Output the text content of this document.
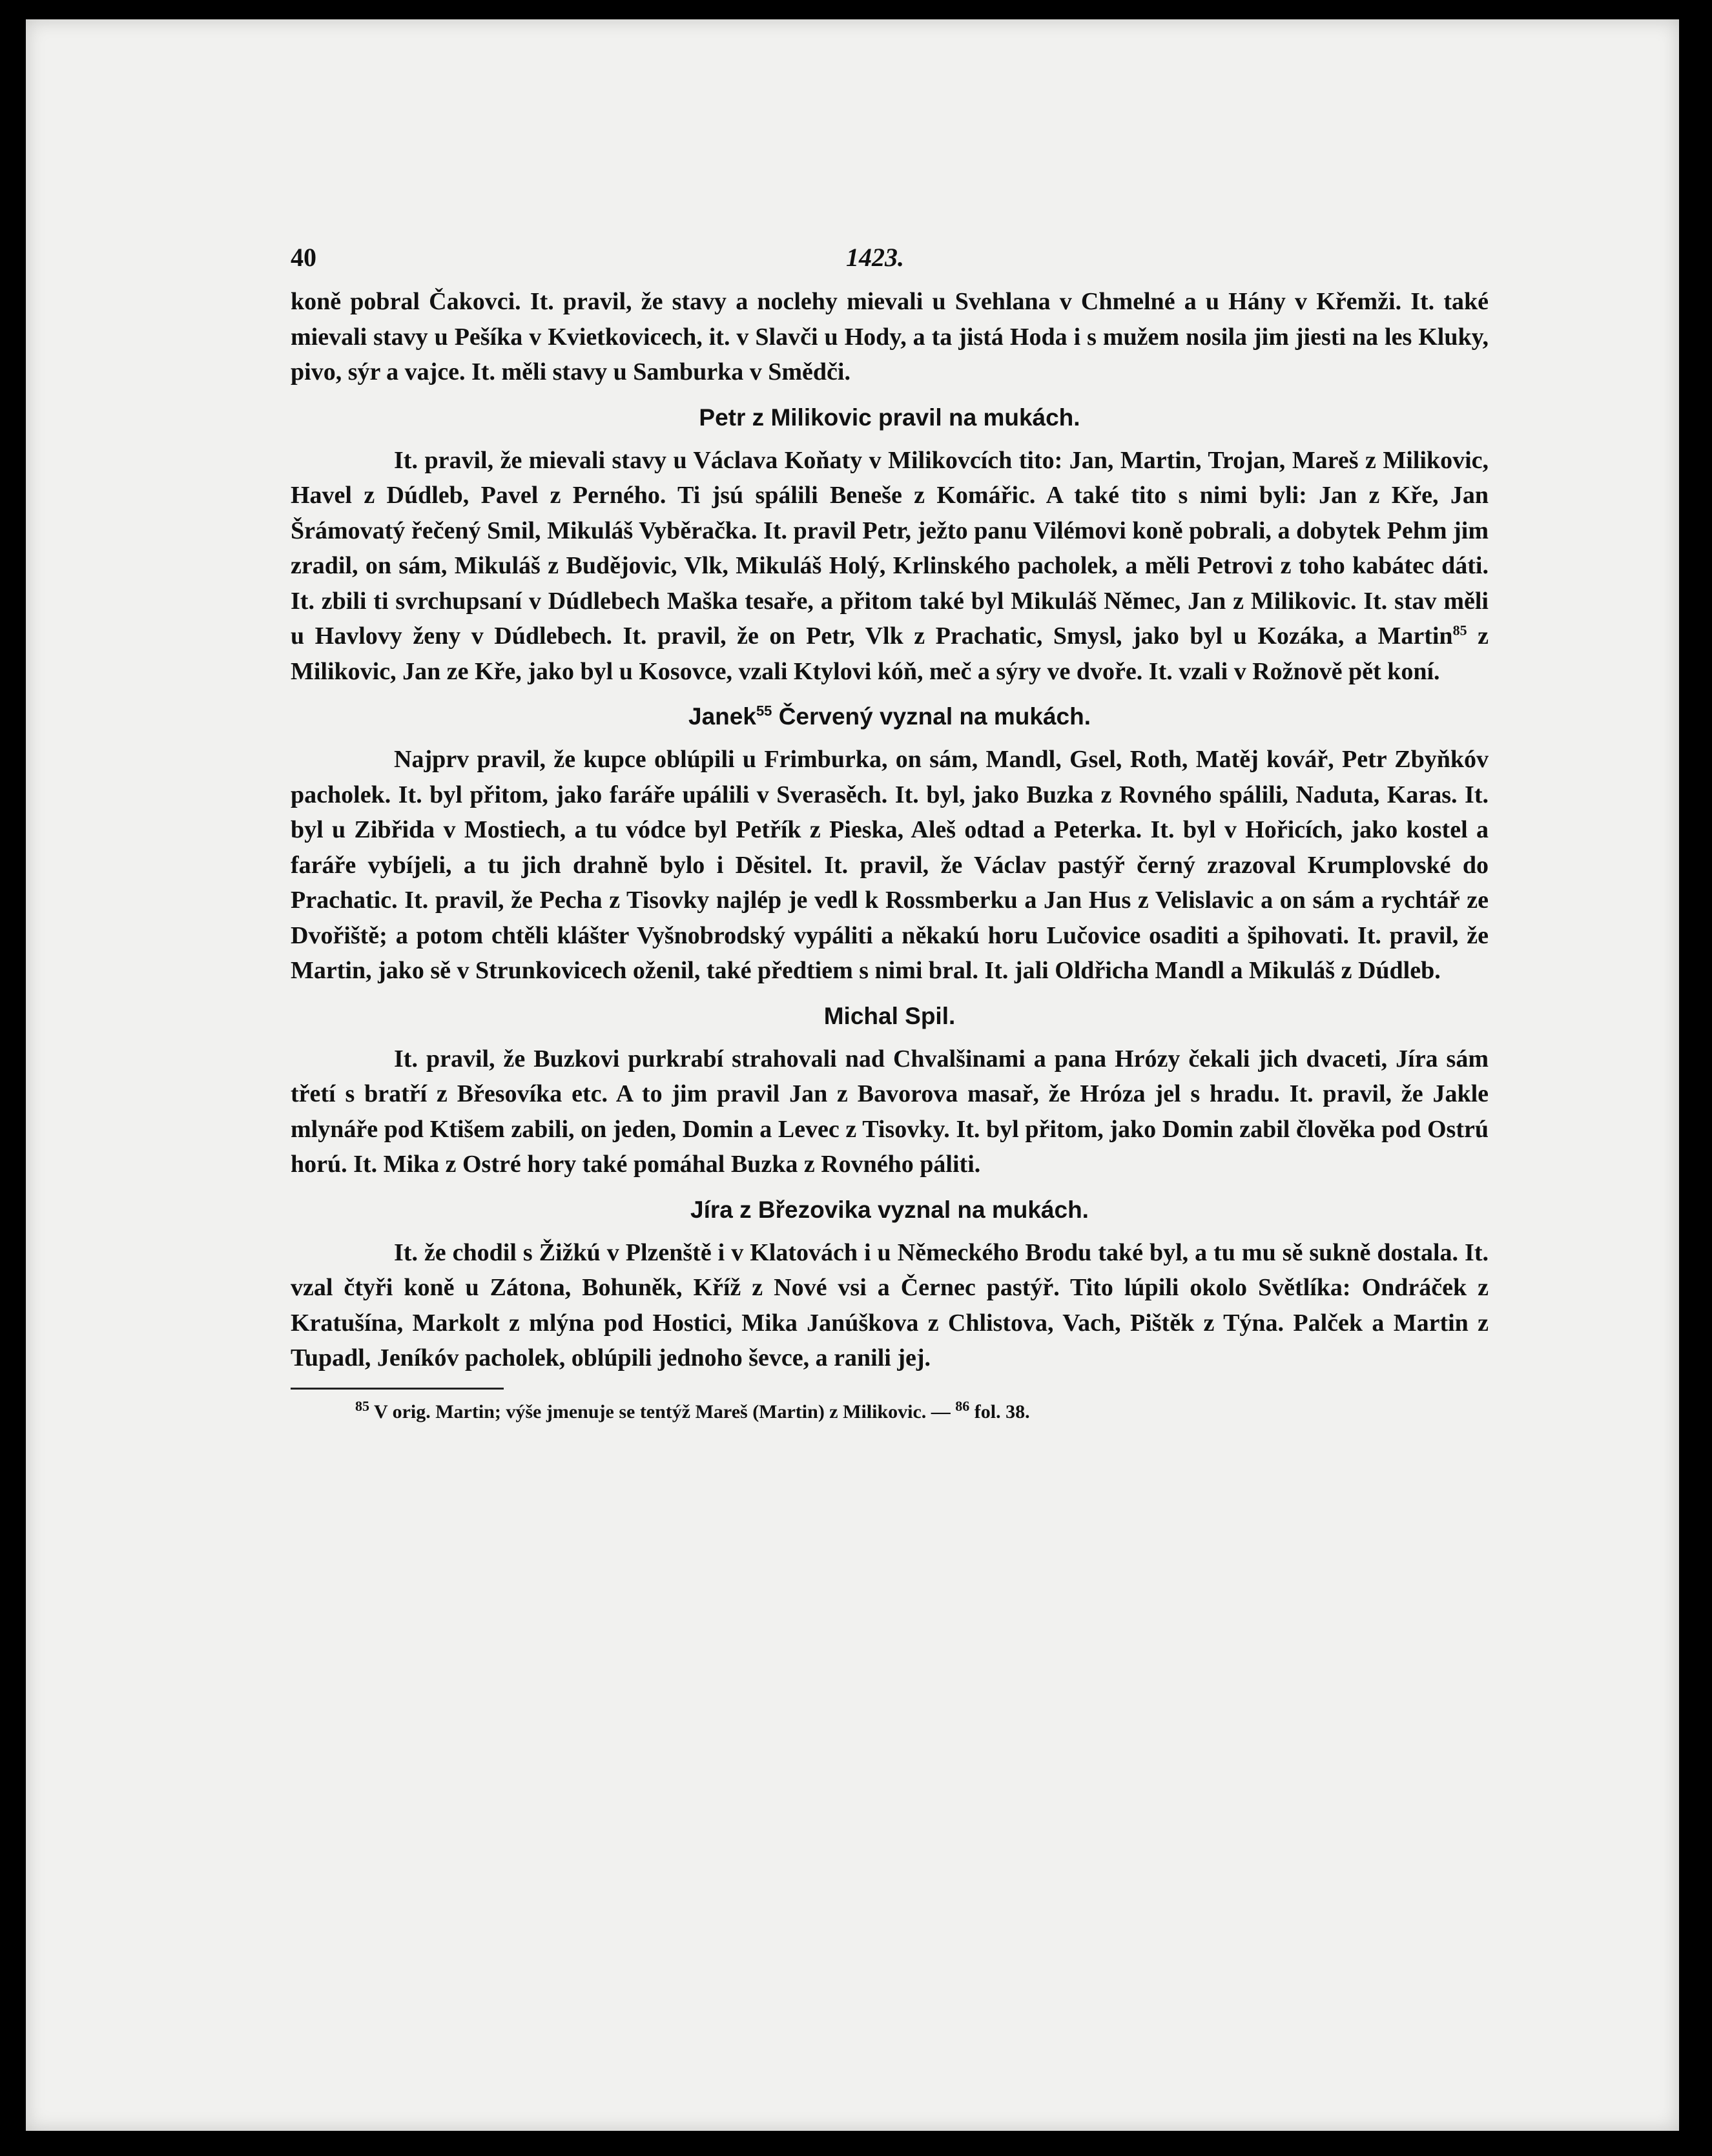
40	1423.

koně pobral Čakovci. It. pravil, že stavy a noclehy mievali u Svehlana v Chmelné a u Hány v Křemži. It. také mievali stavy u Pešíka v Kvietkovicech, it. v Slavči u Hody, a ta jistá Hoda i s mužem nosila jim jiesti na les Kluky, pivo, sýr a vajce. It. měli stavy u Samburka v Smědči.

Petr z Milikovic pravil na mukách.

It. pravil, že mievali stavy u Václava Koňaty v Milikovcích tito: Jan, Martin, Trojan, Mareš z Milikovic, Havel z Dúdleb, Pavel z Perného. Ti jsú spálili Beneše z Komářic. A také tito s nimi byli: Jan z Kře, Jan Šrámovatý řečený Smil, Mikuláš Vyběračka. It. pravil Petr, ježto panu Vilémovi koně pobrali, a dobytek Pehm jim zradil, on sám, Mikuláš z Budějovic, Vlk, Mikuláš Holý, Krlinského pacholek, a měli Petrovi z toho kabátec dáti. It. zbili ti svrchupsaní v Dúdlebech Maška tesaře, a přitom také byl Mikuláš Němec, Jan z Milikovic. It. stav měli u Havlovy ženy v Dúdlebech. It. pravil, že on Petr, Vlk z Prachatic, Smysl, jako byl u Kozáka, a Martin$^{85}$ z Milikovic, Jan ze Kře, jako byl u Kosovce, vzali Ktylovi kóň, meč a sýry ve dvoře. It. vzali v Rožnově pět koní.

Janek$^{55}$ Červený vyznal na mukách.

Najprv pravil, že kupce oblúpili u Frimburka, on sám, Mandl, Gsel, Roth, Matěj kovář, Petr Zbyňkóv pacholek. It. byl přitom, jako faráře upálili v Sverasěch. It. byl, jako Buzka z Rovného spálili, Naduta, Karas. It. byl u Zibřida v Mostiech, a tu vódce byl Petřík z Pieska, Aleš odtad a Peterka. It. byl v Hořicích, jako kostel a faráře vybíjeli, a tu jich drahně bylo i Děsitel. It. pravil, že Václav pastýř černý zrazoval Krumplovské do Prachatic. It. pravil, že Pecha z Tisovky najlép je vedl k Rossmberku a Jan Hus z Velislavic a on sám a rychtář ze Dvořiště; a potom chtěli klášter Vyšnobrodský vypáliti a někakú horu Lučovice osaditi a špihovati. It. pravil, že Martin, jako sě v Strunkovicech oženil, také předtiem s nimi bral. It. jali Oldřicha Mandl a Mikuláš z Dúdleb.

Michal Spil.

It. pravil, že Buzkovi purkrabí strahovali nad Chvalšinami a pana Hrózy čekali jich dvaceti, Jíra sám třetí s bratří z Břesovíka etc. A to jim pravil Jan z Bavorova masař, že Hróza jel s hradu. It. pravil, že Jakle mlynáře pod Ktišem zabili, on jeden, Domin a Levec z Tisovky. It. byl přitom, jako Domin zabil člověka pod Ostrú horú. It. Mika z Ostré hory také pomáhal Buzka z Rovného páliti.

Jíra z Březovika vyznal na mukách.

It. že chodil s Žižkú v Plzenště i v Klatovách i u Německého Brodu také byl, a tu mu sě sukně dostala. It. vzal čtyři koně u Zátona, Bohuněk, Kříž z Nové vsi a Černec pastýř. Tito lúpili okolo Světlíka: Ondráček z Kratušína, Markolt z mlýna pod Hostici, Mika Janúškova z Chlistova, Vach, Pištěk z Týna. Palček a Martin z Tupadl, Jeníkóv pacholek, oblúpili jednoho ševce, a ranili jej.

$^{85}$ V orig. Martin; výše jmenuje se tentýž Mareš (Martin) z Milikovic. — $^{86}$ fol. 38.
